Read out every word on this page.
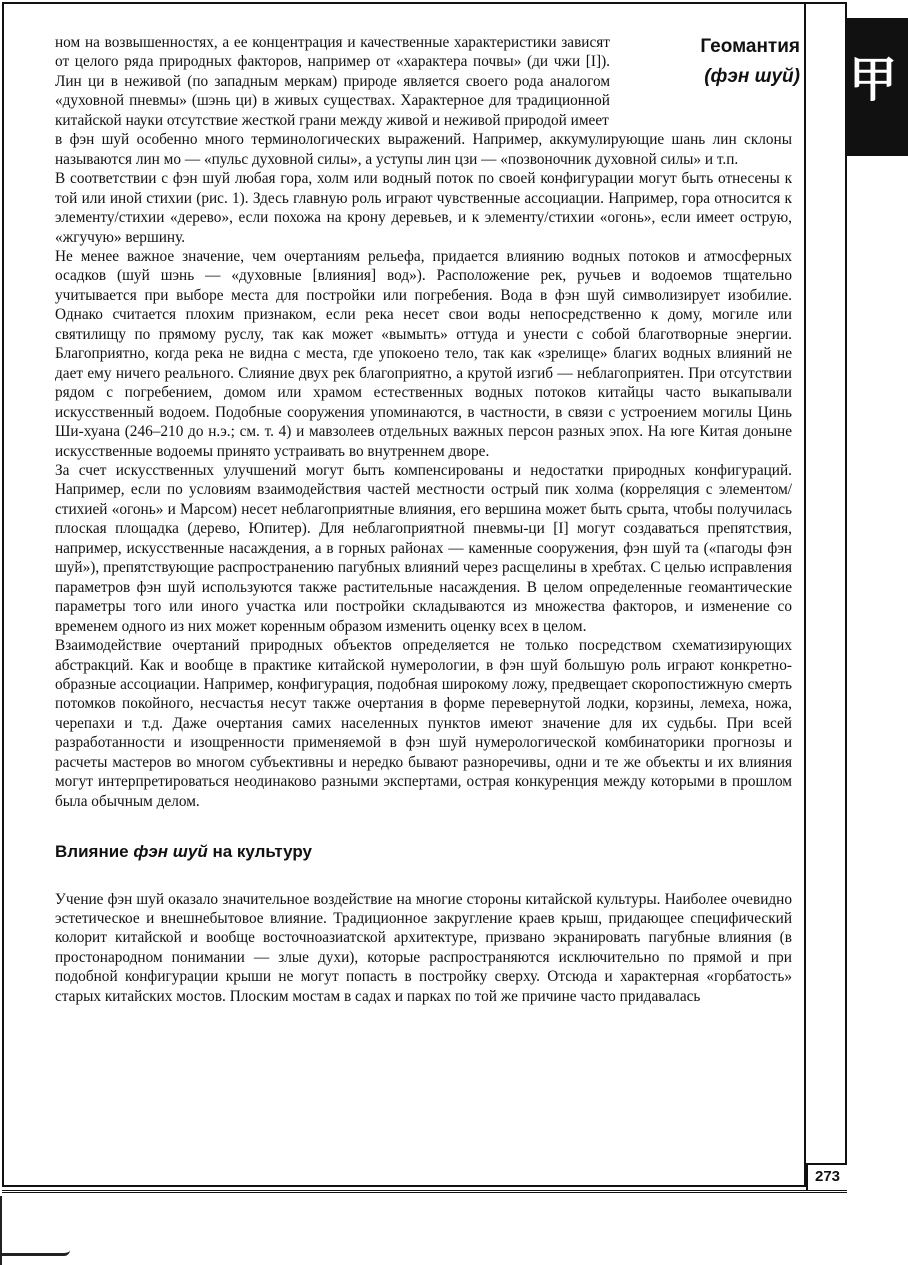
甲
Геомантия
(фэн шуй)

ном на возвышенностях, а ее концентрация и качественные характеристики зависят от целого ряда природных факторов, например от «характера почвы» (ди чжи [I]). Лин ци в неживой (по западным меркам) природе является своего рода аналогом «духовной пневмы» (шэнь ци) в живых существах. Характерное для традиционной китайской науки отсутствие жесткой грани между живой и неживой природой имеет

в фэн шуй особенно много терминологических выражений. Например, аккумулирующие шань лин склоны называются лин мо — «пульс духовной силы», а уступы лин цзи — «позвоночник духовной силы» и т.п.

В соответствии с фэн шуй любая гора, холм или водный поток по своей конфигурации могут быть отнесены к той или иной стихии (рис. 1). Здесь главную роль играют чувственные ассоциации. Например, гора относится к элементу/стихии «дерево», если похожа на крону деревьев, и к элементу/стихии «огонь», если имеет острую, «жгучую» вершину.

Не менее важное значение, чем очертаниям рельефа, придается влиянию водных потоков и атмосферных осадков (шуй шэнь — «духовные [влияния] вод»). Расположение рек, ручьев и водоемов тщательно учитывается при выборе места для постройки или погребения. Вода в фэн шуй символизирует изобилие. Однако считается плохим признаком, если река несет свои воды непосредственно к дому, могиле или святилищу по прямому руслу, так как может «вымыть» оттуда и унести с собой благотворные энергии. Благоприятно, когда река не видна с места, где упокоено тело, так как «зрелище» благих водных влияний не дает ему ничего реального. Слияние двух рек благоприятно, а крутой изгиб — неблагоприятен. При отсутствии рядом с погребением, домом или храмом естественных водных потоков китайцы часто выкапывали искусственный водоем. Подобные сооружения упоминаются, в частности, в связи с устроением могилы Цинь Ши-хуана (246–210 до н.э.; см. т. 4) и мавзолеев отдельных важных персон разных эпох. На юге Китая доныне искусственные водоемы принято устраивать во внутреннем дворе.

За счет искусственных улучшений могут быть компенсированы и недостатки природных конфигураций. Например, если по условиям взаимодействия частей местности острый пик холма (корреляция с элементом/стихией «огонь» и Марсом) несет неблагоприятные влияния, его вершина может быть срыта, чтобы получилась плоская площадка (дерево, Юпитер). Для неблагоприятной пневмы-ци [I] могут создаваться препятствия, например, искусственные насаждения, а в горных районах — каменные сооружения, фэн шуй та («пагоды фэн шуй»), препятствующие распространению пагубных влияний через расщелины в хребтах. С целью исправления параметров фэн шуй используются также растительные насаждения. В целом определенные геомантические параметры того или иного участка или постройки складываются из множества факторов, и изменение со временем одного из них может коренным образом изменить оценку всех в целом.

Взаимодействие очертаний природных объектов определяется не только посредством схематизирующих абстракций. Как и вообще в практике китайской нумерологии, в фэн шуй большую роль играют конкретно-образные ассоциации. Например, конфигурация, подобная широкому ложу, предвещает скоропостижную смерть потомков покойного, несчастья несут также очертания в форме перевернутой лодки, корзины, лемеха, ножа, черепахи и т.д. Даже очертания самих населенных пунктов имеют значение для их судьбы. При всей разработанности и изощренности применяемой в фэн шуй нумерологической комбинаторики прогнозы и расчеты мастеров во многом субъективны и нередко бывают разноречивы, одни и те же объекты и их влияния могут интерпретироваться неодинаково разными экспертами, острая конкуренция между которыми в прошлом была обычным делом.

Влияние фэн шуй на культуру

Учение фэн шуй оказало значительное воздействие на многие стороны китайской культуры. Наиболее очевидно эстетическое и внешнебытовое влияние. Традиционное закругление краев крыш, придающее специфический колорит китайской и вообще восточноазиатской архитектуре, призвано экранировать пагубные влияния (в простонародном понимании — злые духи), которые распространяются исключительно по прямой и при подобной конфигурации крыши не могут попасть в постройку сверху. Отсюда и характерная «горбатость» старых китайских мостов. Плоским мостам в садах и парках по той же причине часто придавалась

273
